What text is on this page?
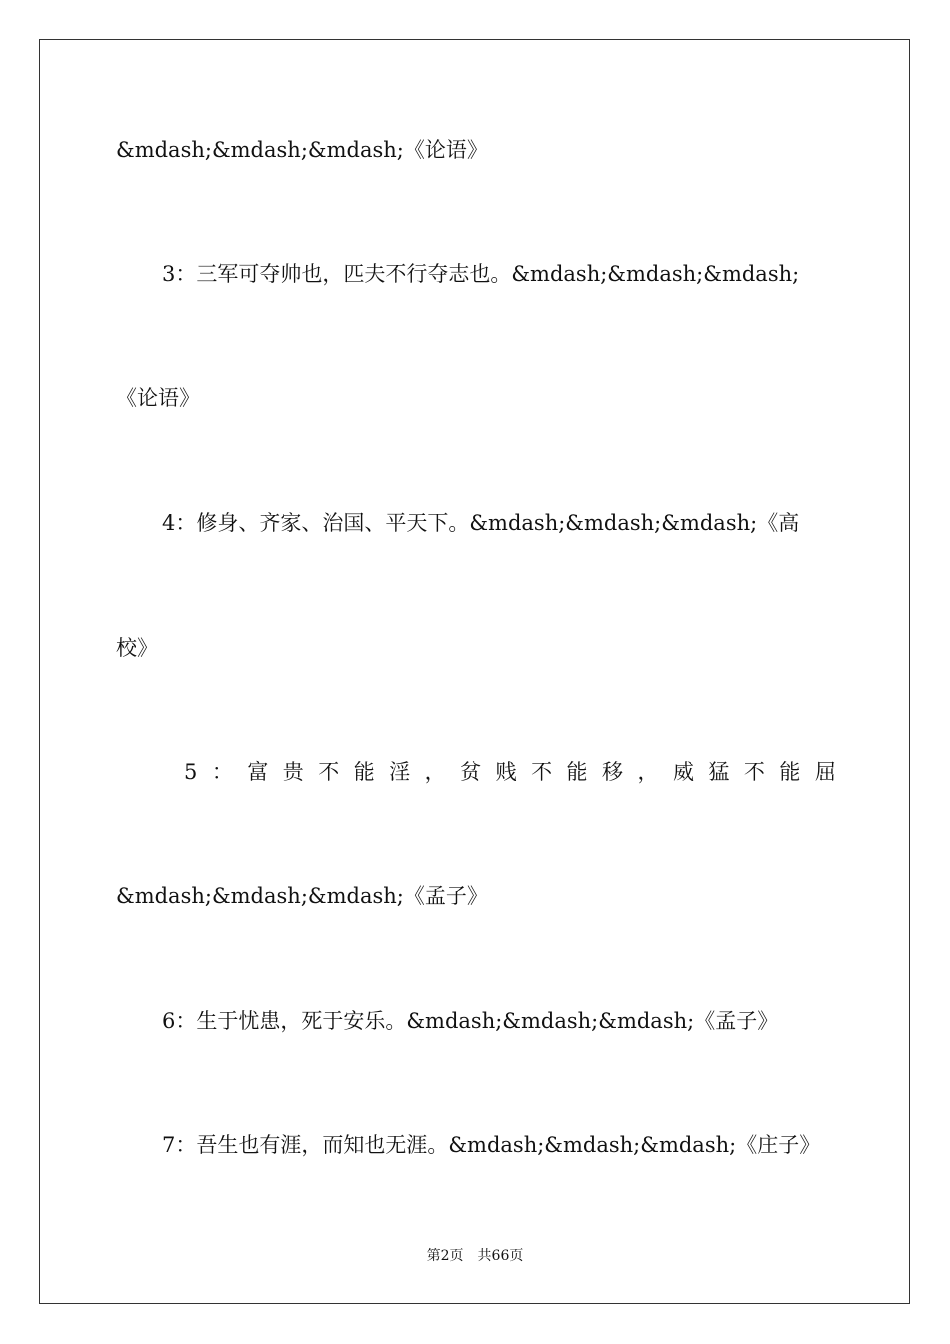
&mdash;&mdash;&mdash;《论语》
3：三军可夺帅也，匹夫不行夺志也。&mdash;&mdash;&mdash;
《论语》
4：修身、齐家、治国、平天下。&mdash;&mdash;&mdash;《高
校》
5 ： 富 贵 不 能 淫 ， 贫 贱 不 能 移 ， 威 猛 不 能 屈
&mdash;&mdash;&mdash;《孟子》
6：生于忧患，死于安乐。&mdash;&mdash;&mdash;《孟子》
7：吾生也有涯，而知也无涯。&mdash;&mdash;&mdash;《庄子》
第2页　共66页
